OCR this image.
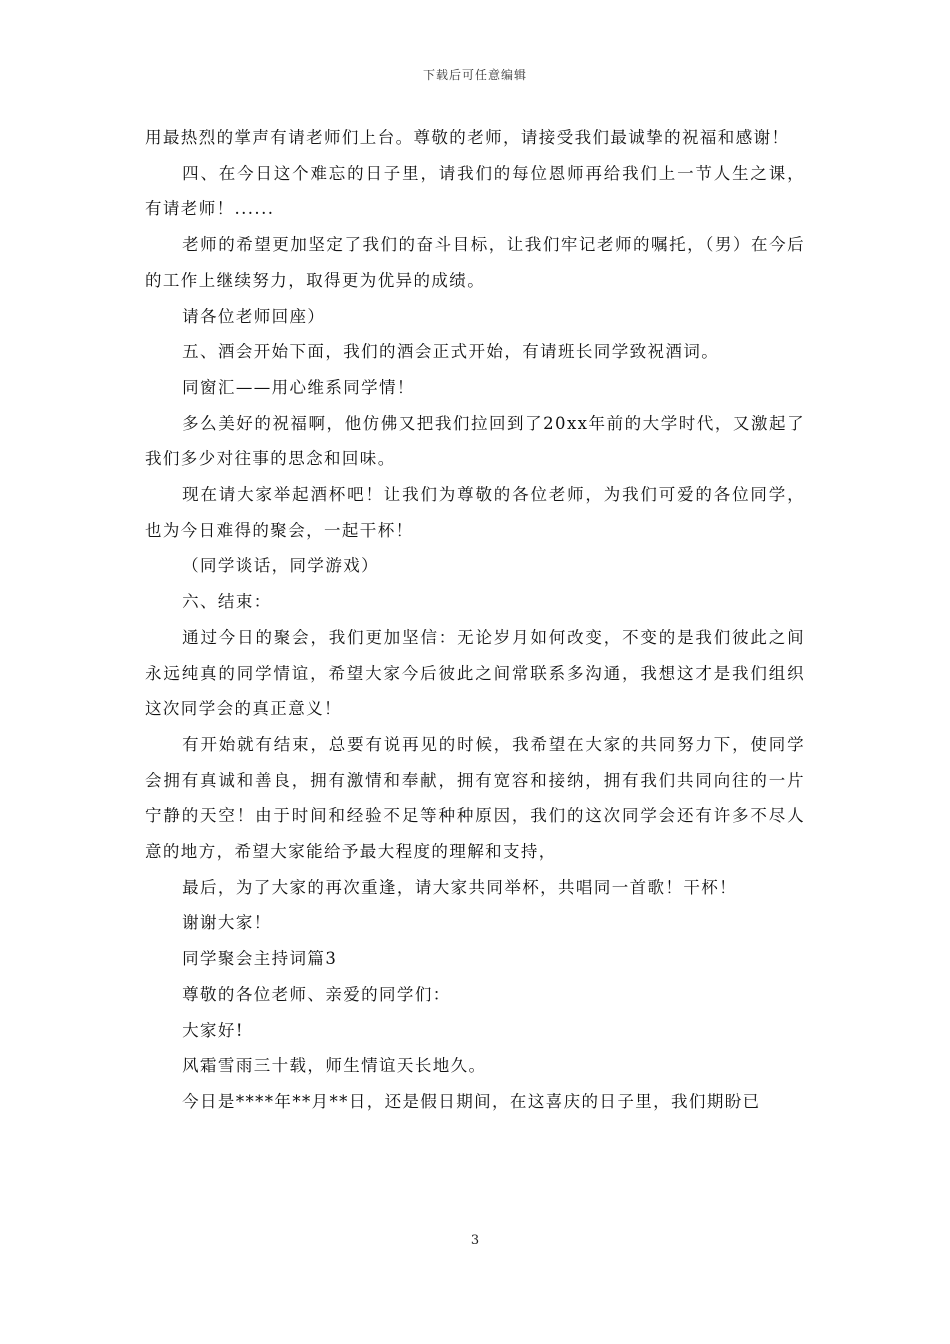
下载后可任意编辑

用最热烈的掌声有请老师们上台。尊敬的老师，请接受我们最诚挚的祝福和感谢！

四、在今日这个难忘的日子里，请我们的每位恩师再给我们上一节人生之课，有请老师！......

老师的希望更加坚定了我们的奋斗目标，让我们牢记老师的嘱托，（男）在今后的工作上继续努力，取得更为优异的成绩。

请各位老师回座）

五、酒会开始下面，我们的酒会正式开始，有请班长同学致祝酒词。

同窗汇——用心维系同学情！

多么美好的祝福啊，他仿佛又把我们拉回到了20xx年前的大学时代，又激起了我们多少对往事的思念和回味。

现在请大家举起酒杯吧！让我们为尊敬的各位老师，为我们可爱的各位同学，也为今日难得的聚会，一起干杯！

（同学谈话，同学游戏）

六、结束：

通过今日的聚会，我们更加坚信：无论岁月如何改变，不变的是我们彼此之间永远纯真的同学情谊，希望大家今后彼此之间常联系多沟通，我想这才是我们组织这次同学会的真正意义！

有开始就有结束，总要有说再见的时候，我希望在大家的共同努力下，使同学会拥有真诚和善良，拥有激情和奉献，拥有宽容和接纳，拥有我们共同向往的一片宁静的天空！由于时间和经验不足等种种原因，我们的这次同学会还有许多不尽人意的地方，希望大家能给予最大程度的理解和支持，

最后，为了大家的再次重逢，请大家共同举杯，共唱同一首歌！干杯！

谢谢大家！

同学聚会主持词篇3

尊敬的各位老师、亲爱的同学们：

大家好!

风霜雪雨三十载，师生情谊天长地久。

今日是****年**月**日，还是假日期间，在这喜庆的日子里，我们期盼已

3
